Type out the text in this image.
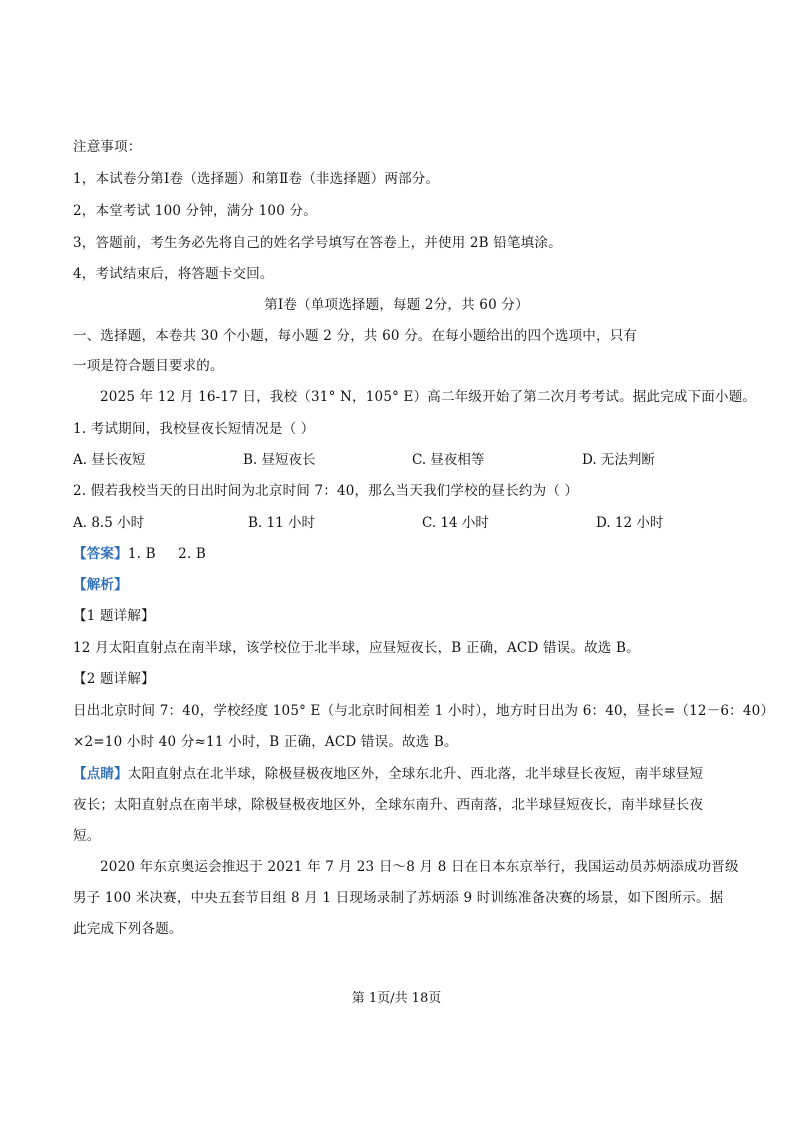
注意事项：
1，本试卷分第Ⅰ卷（选择题）和第Ⅱ卷（非选择题）两部分。
2，本堂考试 100 分钟，满分 100 分。
3，答题前，考生务必先将自己的姓名学号填写在答卷上，并使用 2B 铅笔填涂。
4，考试结束后，将答题卡交回。
第Ⅰ卷（单项选择题，每题 2分，共 60 分）
一、选择题，本卷共 30 个小题，每小题 2 分，共 60 分。在每小题给出的四个选项中，只有
一项是符合题目要求的。
2025 年 12 月 16-17 日，我校（31° N，105° E）高二年级开始了第二次月考考试。据此完成下面小题。
1. 考试期间，我校昼夜长短情况是（ ）
A. 昼长夜短	B. 昼短夜长	C. 昼夜相等	D. 无法判断
2. 假若我校当天的日出时间为北京时间 7：40，那么当天我们学校的昼长约为（ ）
A. 8.5 小时	B. 11 小时	C. 14 小时	D. 12 小时
【答案】1. B     2. B
【解析】
【1 题详解】
12 月太阳直射点在南半球，该学校位于北半球，应昼短夜长，B 正确，ACD 错误。故选 B。
【2 题详解】
日出北京时间 7：40，学校经度 105° E（与北京时间相差 1 小时），地方时日出为 6：40，昼长=（12－6：40）
×2=10 小时 40 分≈11 小时，B 正确，ACD 错误。故选 B。
【点睛】太阳直射点在北半球，除极昼极夜地区外，全球东北升、西北落，北半球昼长夜短，南半球昼短
夜长；太阳直射点在南半球，除极昼极夜地区外，全球东南升、西南落，北半球昼短夜长，南半球昼长夜
短。
2020 年东京奥运会推迟于 2021 年 7 月 23 日～8 月 8 日在日本东京举行，我国运动员苏炳添成功晋级
男子 100 米决赛，中央五套节目组 8 月 1 日现场录制了苏炳添 9 时训练准备决赛的场景，如下图所示。据
此完成下列各题。
第 1页/共 18页
